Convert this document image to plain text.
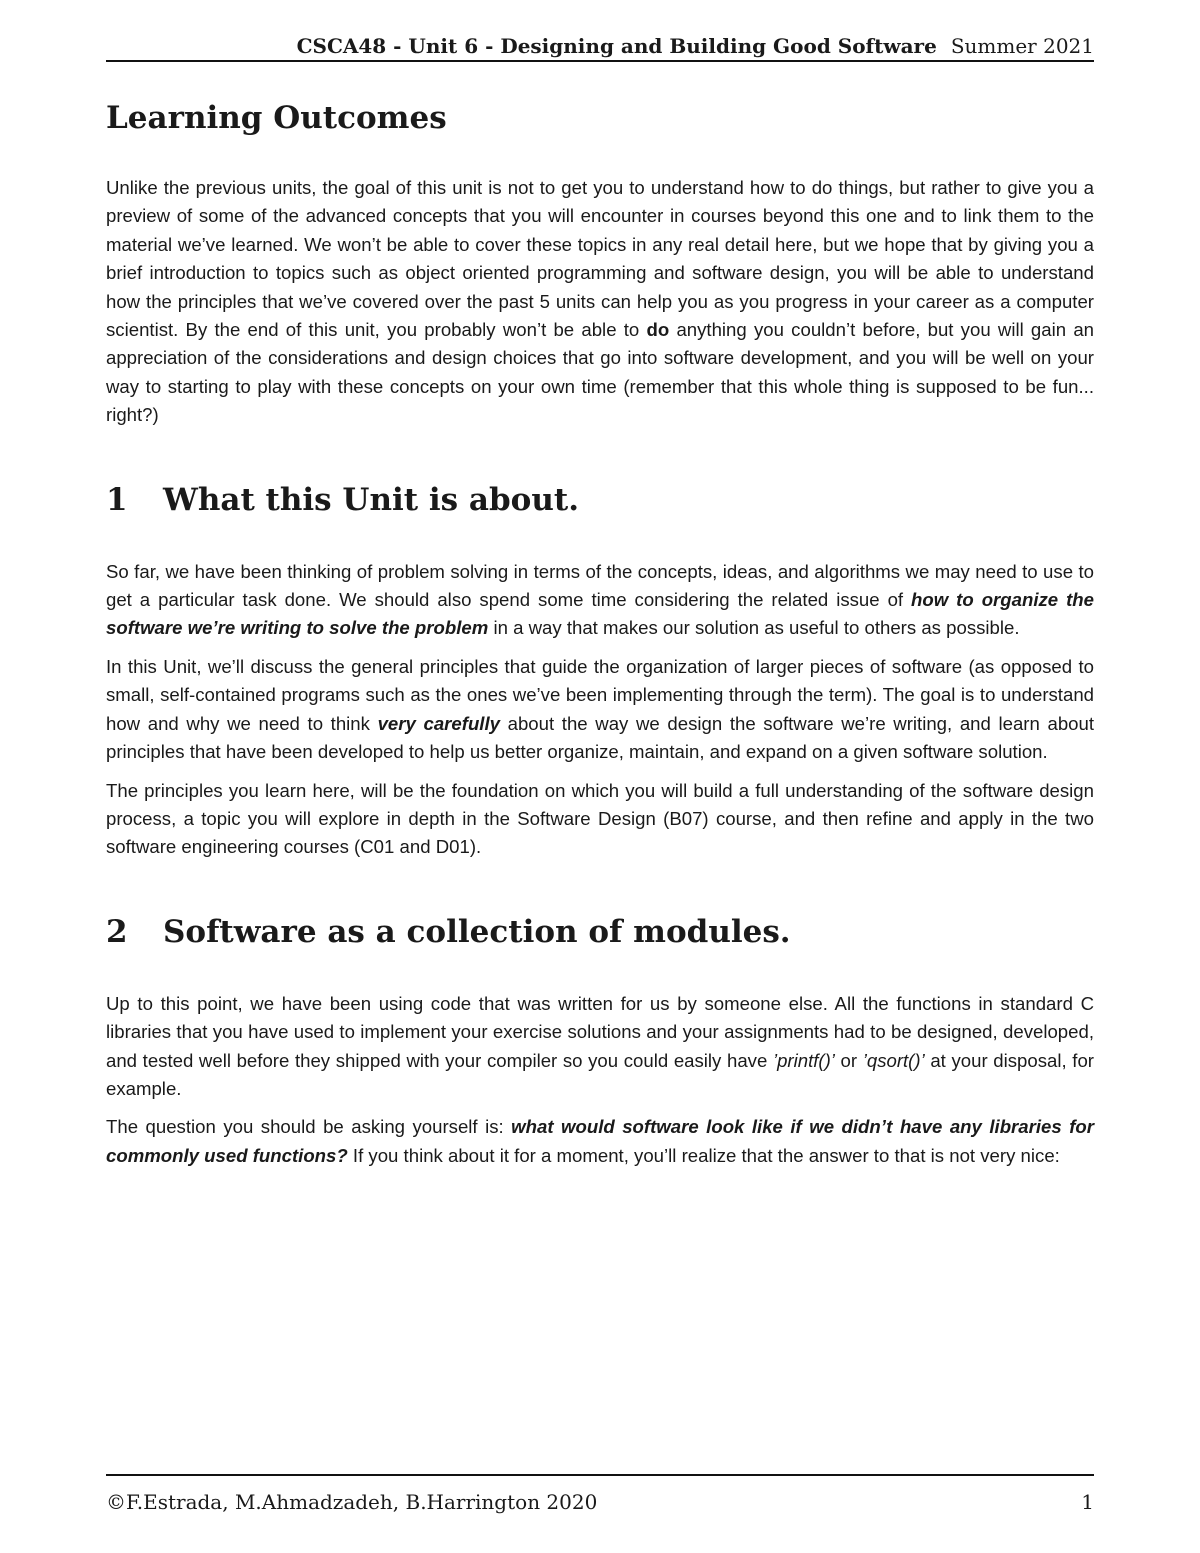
CSCA48 - Unit 6 - Designing and Building Good Software Summer 2021
Learning Outcomes

Unlike the previous units, the goal of this unit is not to get you to understand how to do things, but rather to give you a preview of some of the advanced concepts that you will encounter in courses beyond this one and to link them to the material we’ve learned. We won’t be able to cover these topics in any real detail here, but we hope that by giving you a brief introduction to topics such as object oriented programming and software design, you will be able to understand how the principles that we’ve covered over the past 5 units can help you as you progress in your career as a computer scientist. By the end of this unit, you probably won’t be able to do anything you couldn’t before, but you will gain an appreciation of the considerations and design choices that go into software development, and you will be well on your way to starting to play with these concepts on your own time (remember that this whole thing is supposed to be fun... right?)

1	What this Unit is about.

So far, we have been thinking of problem solving in terms of the concepts, ideas, and algorithms we may need to use to get a particular task done. We should also spend some time considering the related issue of how to organize the software we’re writing to solve the problem in a way that makes our solution as useful to others as possible.

In this Unit, we’ll discuss the general principles that guide the organization of larger pieces of software (as opposed to small, self-contained programs such as the ones we’ve been implementing through the term). The goal is to understand how and why we need to think very carefully about the way we design the software we’re writing, and learn about principles that have been developed to help us better organize, maintain, and expand on a given software solution.

The principles you learn here, will be the foundation on which you will build a full understanding of the software design process, a topic you will explore in depth in the Software Design (B07) course, and then refine and apply in the two software engineering courses (C01 and D01).

2	Software as a collection of modules.

Up to this point, we have been using code that was written for us by someone else. All the functions in standard C libraries that you have used to implement your exercise solutions and your assignments had to be designed, developed, and tested well before they shipped with your compiler so you could easily have ’printf()’ or ’qsort()’ at your disposal, for example.

The question you should be asking yourself is: what would software look like if we didn’t have any libraries for commonly used functions? If you think about it for a moment, you’ll realize that the answer to that is not very nice:

©F.Estrada, M.Ahmadzadeh, B.Harrington 2020	1
